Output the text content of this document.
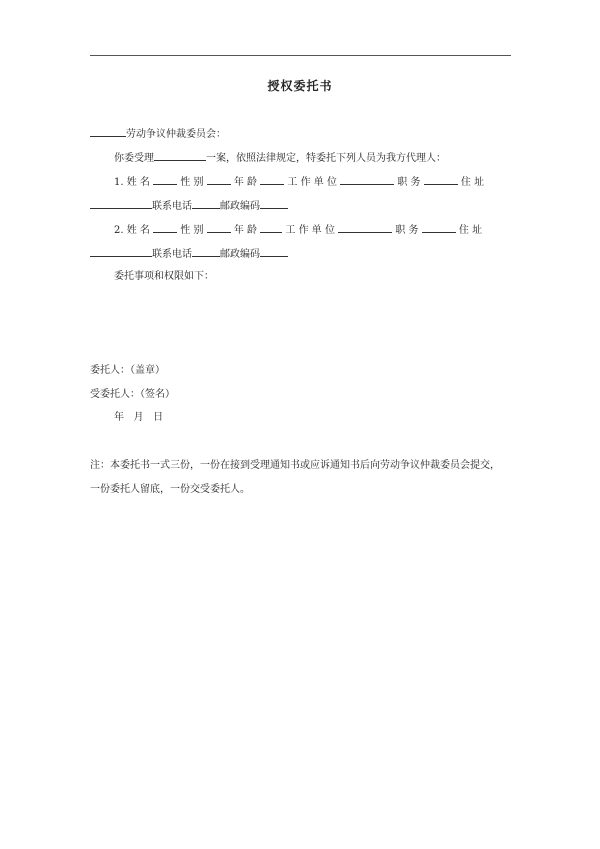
授权委托书
劳动争议仲裁委员会：
你委受理	一案，依照法律规定，特委托下列人员为我方代理人：
1. 姓 名	性 别	年 龄	工 作 单 位	职 务	住 址
联系电话	邮政编码
2. 姓 名	性 别	年 龄	工 作 单 位	职 务	住 址
联系电话	邮政编码
委托事项和权限如下：
委托人：（盖章）
受委托人：（签名）
年   月   日
注：本委托书一式三份，一份在接到受理通知书或应诉通知书后向劳动争议仲裁委员会提交，
一份委托人留底，一份交受委托人。
